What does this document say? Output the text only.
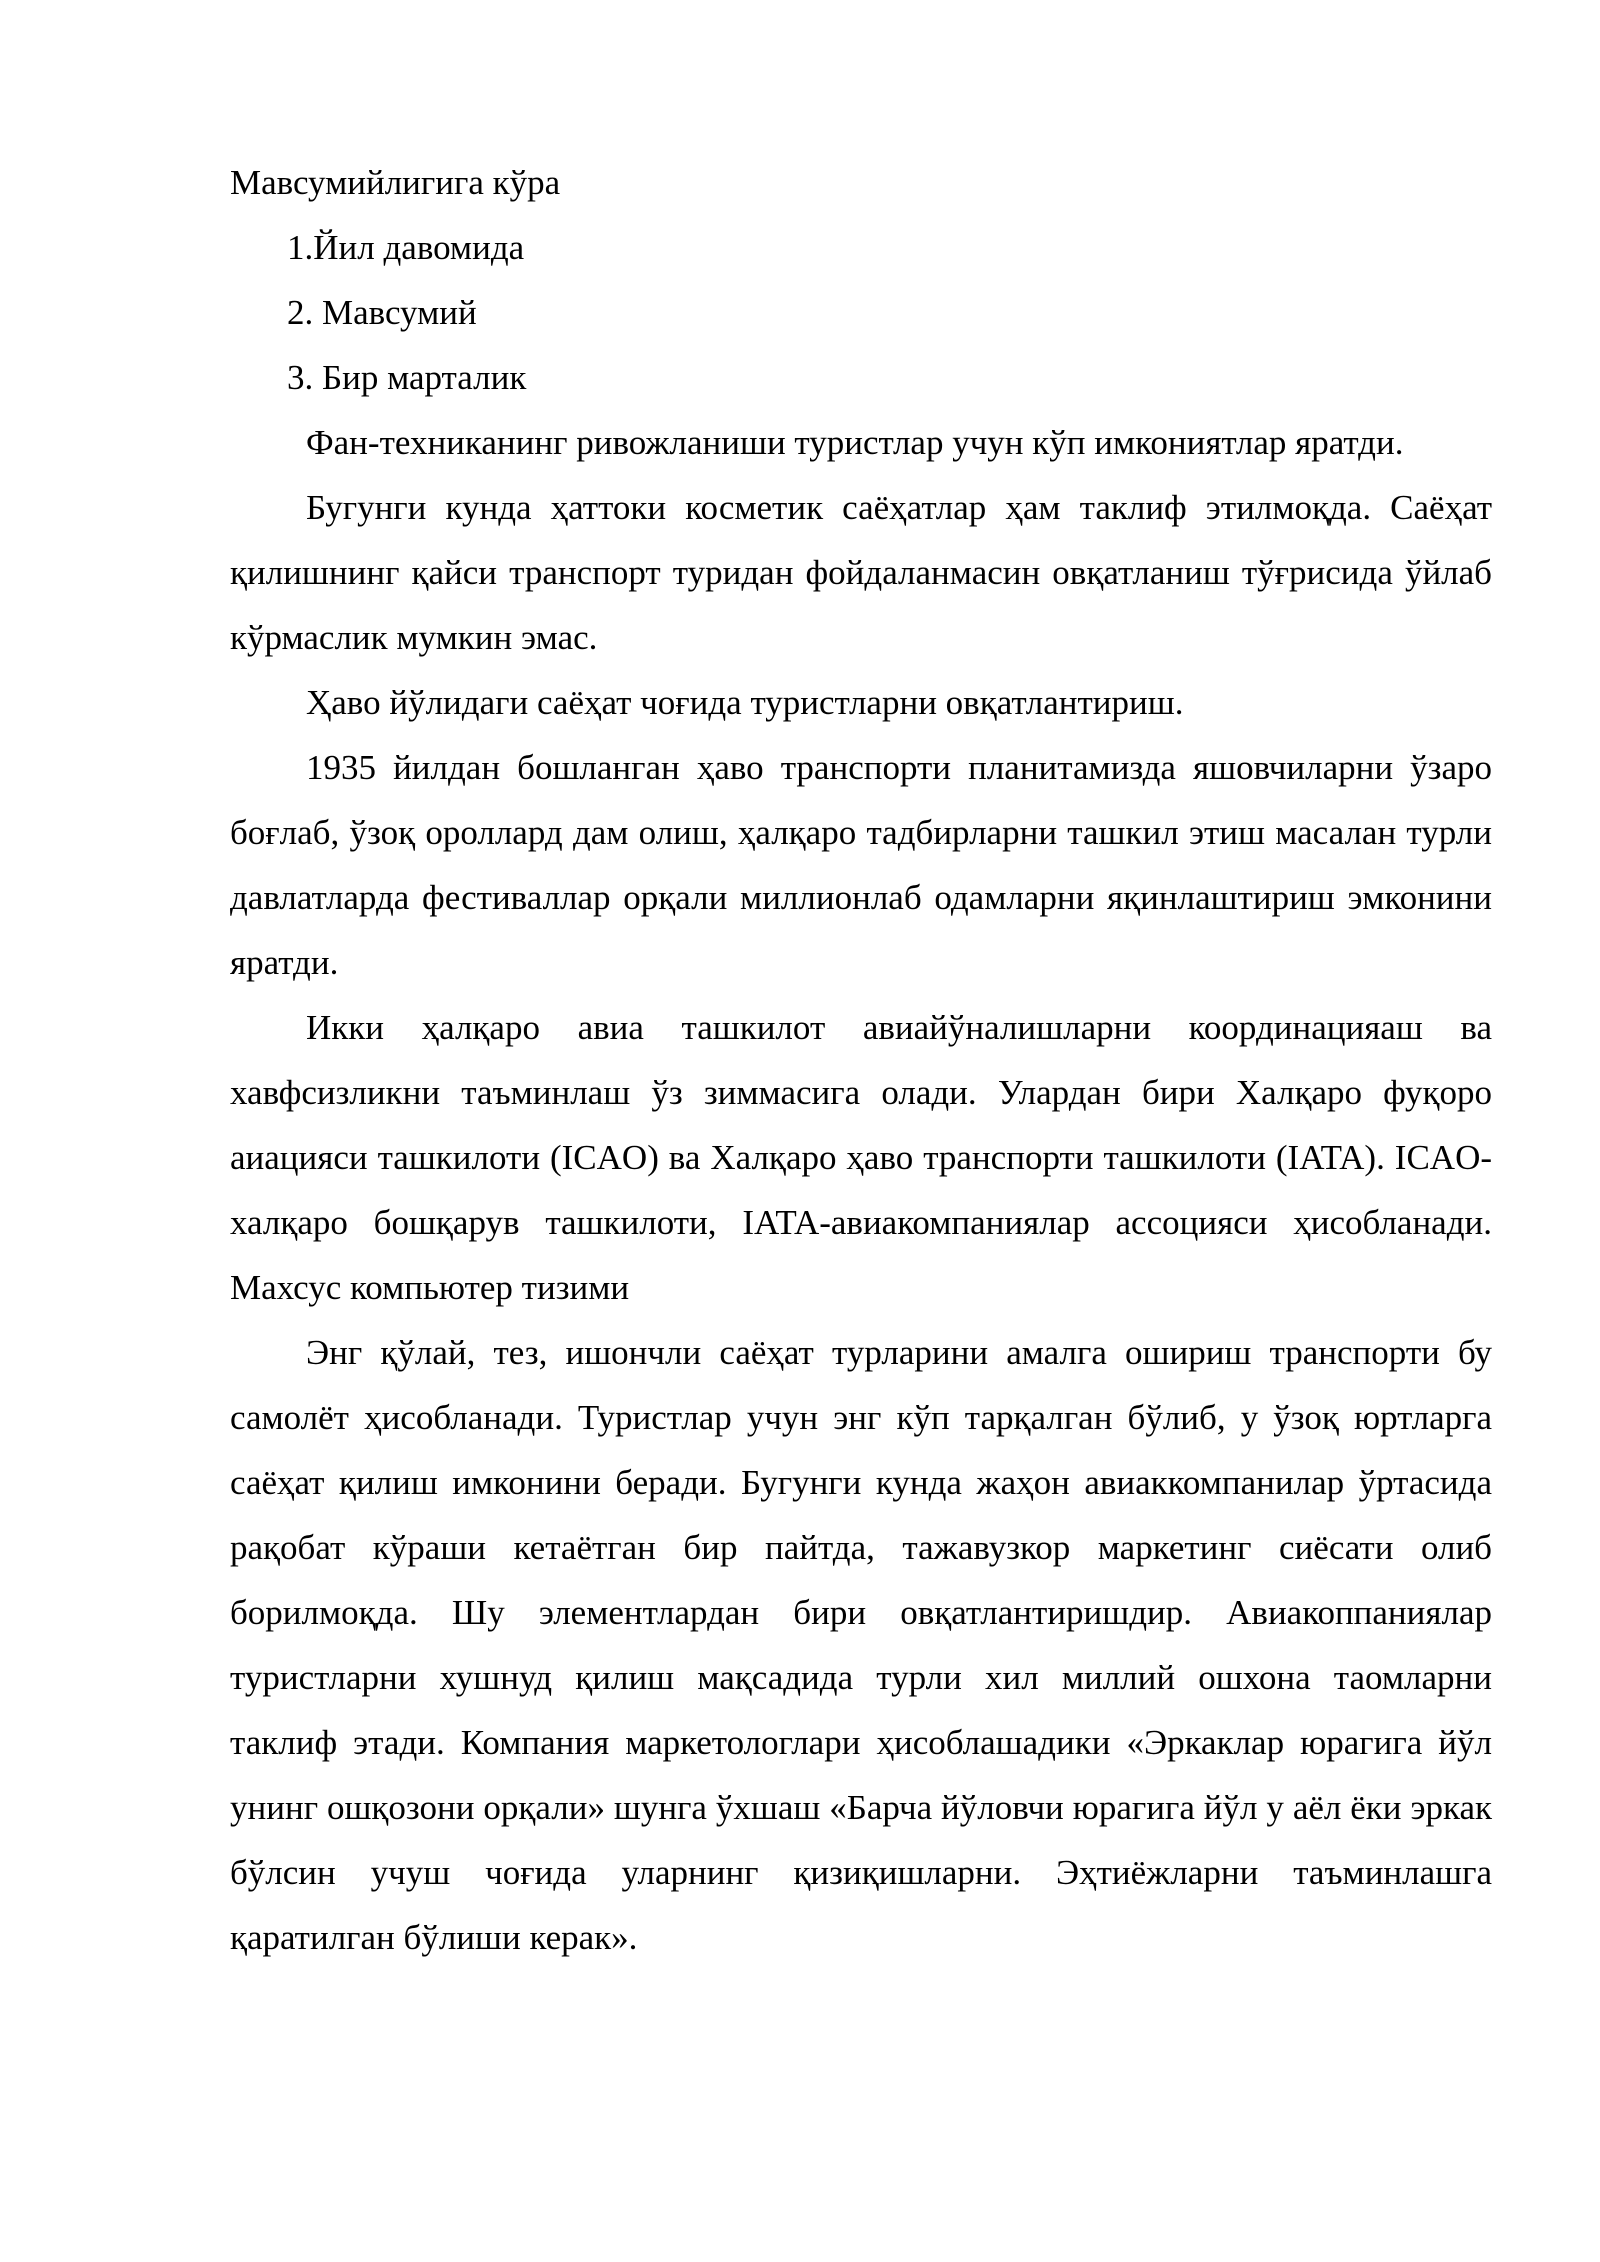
Мавсумийлигига кўра

1.Йил давомида

2. Мавсумий

3. Бир марталик

Фан-техниканинг ривожланиши туристлар учун кўп имкониятлар яратди.

Бугунги кунда ҳаттоки косметик саёҳатлар ҳам таклиф этилмоқда. Саёҳат қилишнинг қайси транспорт туридан фойдаланмасин овқатланиш тўғрисида ўйлаб кўрмаслик мумкин эмас.

Ҳаво йўлидаги саёҳат чоғида туристларни овқатлантириш.

1935 йилдан бошланган ҳаво транспорти планитамизда яшовчиларни ўзаро боғлаб, ўзоқ ороллард дам олиш, ҳалқаро тадбирларни ташкил этиш масалан турли давлатларда фестиваллар орқали миллионлаб одамларни яқинлаштириш эмконини яратди.

Икки ҳалқаро авиа ташкилот авиайўналишларни координацияаш ва хавфсизликни таъминлаш ўз зиммасига олади. Улардан бири Халқаро фуқоро аиацияси ташкилоти (ICAO) ва Халқаро ҳаво транспорти ташкилоти (IATA). ICAO-халқаро бошқарув ташкилоти, IATA-авиакомпаниялар ассоцияси ҳисобланади. Махсус компьютер тизими

Энг қўлай, тез, ишончли саёҳат турларини амалга ошириш транспорти бу самолёт ҳисобланади. Туристлар учун энг кўп тарқалган бўлиб, у ўзоқ юртларга саёҳат қилиш имконини беради. Бугунги кунда жаҳон авиаккомпанилар ўртасида рақобат кўраши кетаётган бир пайтда, тажавузкор маркетинг сиёсати олиб борилмоқда. Шу элементлардан бири овқатлантиришдир. Авиакоппаниялар туристларни хушнуд қилиш мақсадида турли хил миллий ошхона таомларни таклиф этади. Компания маркетологлари ҳисоблашадики «Эркаклар юрагига йўл унинг ошқозони орқали» шунга ўхшаш «Барча йўловчи юрагига йўл у аёл ёки эркак бўлсин учуш чоғида уларнинг қизиқишларни. Эҳтиёжларни таъминлашга қаратилган бўлиши керак».
